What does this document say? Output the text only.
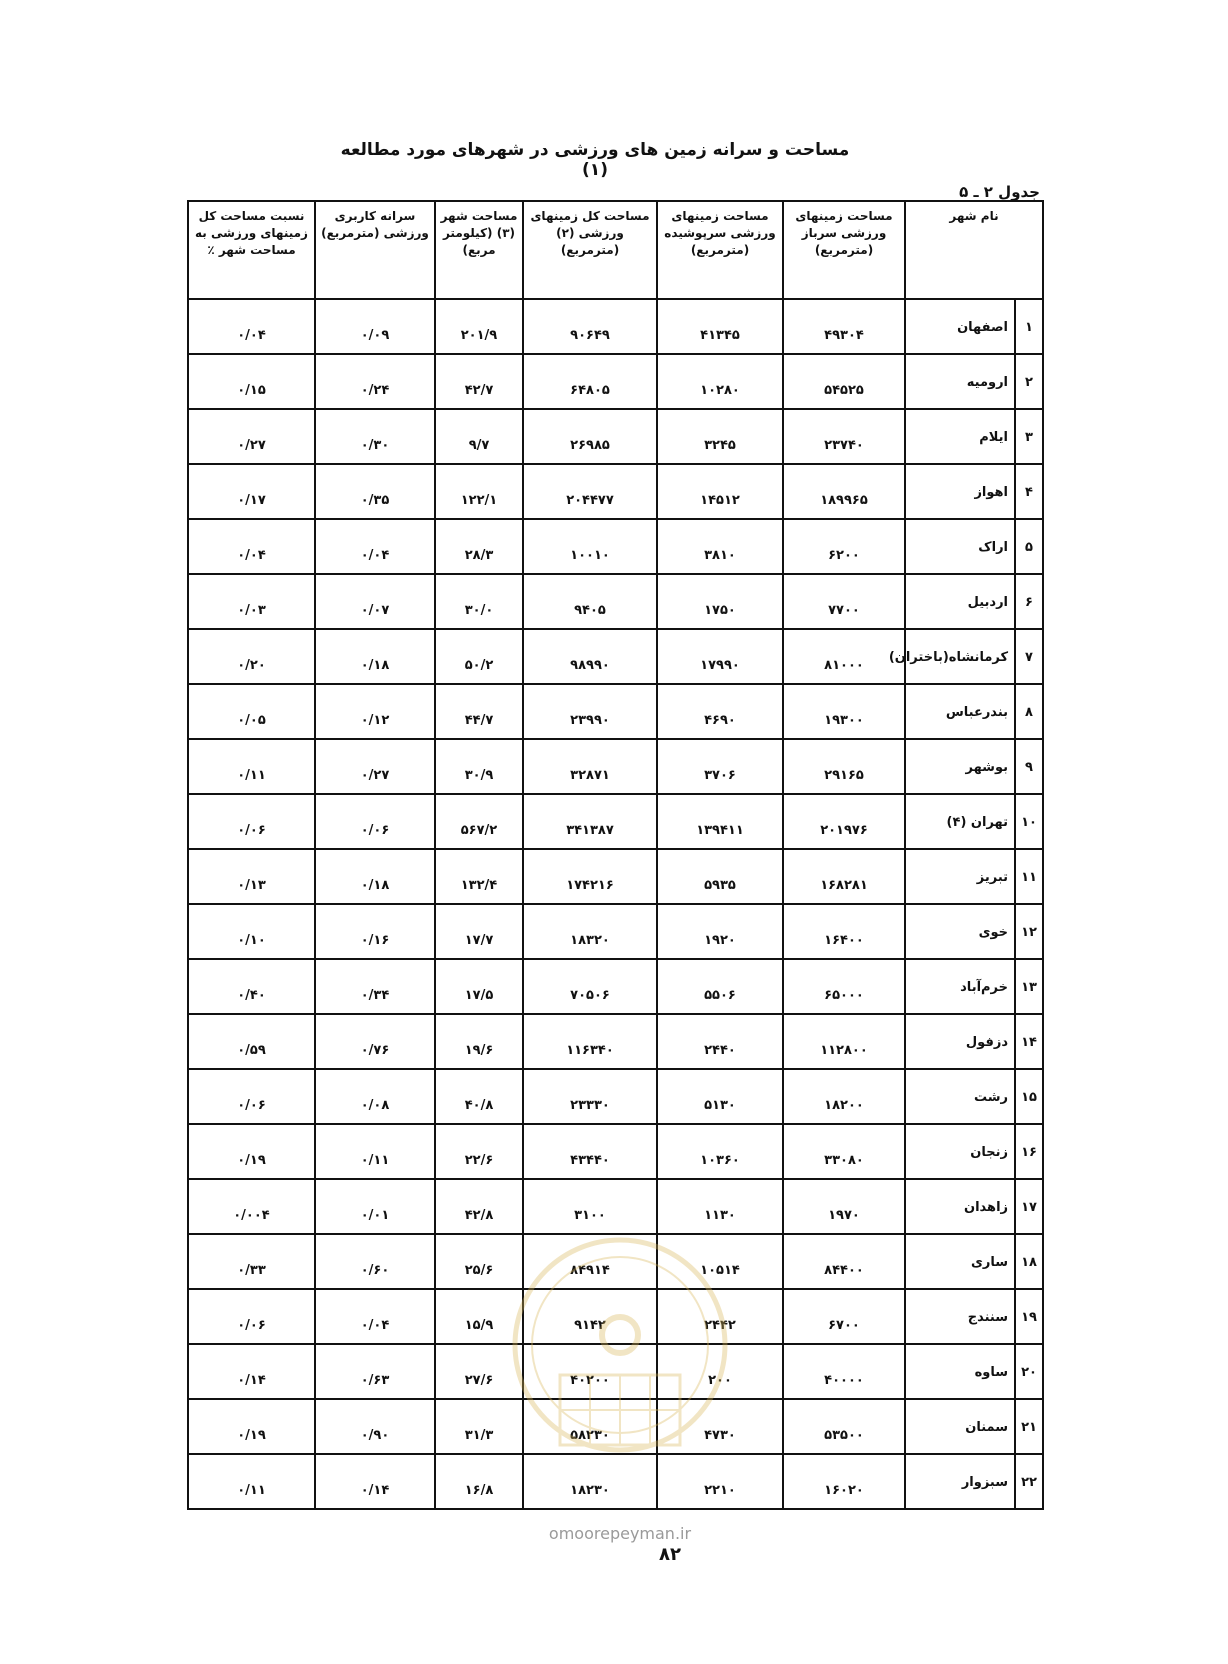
مساحت و سرانه زمین های ورزشی در شهرهای مورد مطالعه (۱)
جدول ۲ ـ ۵
نام شهر		مساحت زمینهای ورزشی سرباز (مترمربع)	مساحت زمینهای ورزشی سرپوشیده (مترمربع)	مساحت کل زمینهای ورزشی (۲) (مترمربع)	مساحت شهر (۳) (کیلومتر مربع)	سرانه کاربری ورزشی (مترمربع)	نسبت مساحت کل زمینهای ورزشی به مساحت شهر ٪
۱	اصفهان	۴۹۳۰۴	۴۱۳۴۵	۹۰۶۴۹	۲۰۱/۹	۰/۰۹	۰/۰۴
۲	ارومیه	۵۴۵۲۵	۱۰۲۸۰	۶۴۸۰۵	۴۲/۷	۰/۲۴	۰/۱۵
۳	ایلام	۲۳۷۴۰	۳۲۴۵	۲۶۹۸۵	۹/۷	۰/۳۰	۰/۲۷
۴	اهواز	۱۸۹۹۶۵	۱۴۵۱۲	۲۰۴۴۷۷	۱۲۲/۱	۰/۳۵	۰/۱۷
۵	اراک	۶۲۰۰	۳۸۱۰	۱۰۰۱۰	۲۸/۳	۰/۰۴	۰/۰۴
۶	اردبیل	۷۷۰۰	۱۷۵۰	۹۴۰۵	۳۰/۰	۰/۰۷	۰/۰۳
۷	کرمانشاه(باختران)	۸۱۰۰۰	۱۷۹۹۰	۹۸۹۹۰	۵۰/۲	۰/۱۸	۰/۲۰
۸	بندرعباس	۱۹۳۰۰	۴۶۹۰	۲۳۹۹۰	۴۴/۷	۰/۱۲	۰/۰۵
۹	بوشهر	۲۹۱۶۵	۳۷۰۶	۳۲۸۷۱	۳۰/۹	۰/۲۷	۰/۱۱
۱۰	تهران (۴)	۲۰۱۹۷۶	۱۳۹۴۱۱	۳۴۱۳۸۷	۵۶۷/۲	۰/۰۶	۰/۰۶
۱۱	تبریز	۱۶۸۲۸۱	۵۹۳۵	۱۷۴۲۱۶	۱۳۲/۴	۰/۱۸	۰/۱۳
۱۲	خوی	۱۶۴۰۰	۱۹۲۰	۱۸۳۲۰	۱۷/۷	۰/۱۶	۰/۱۰
۱۳	خرم‌آباد	۶۵۰۰۰	۵۵۰۶	۷۰۵۰۶	۱۷/۵	۰/۳۴	۰/۴۰
۱۴	دزفول	۱۱۲۸۰۰	۲۴۴۰	۱۱۶۳۴۰	۱۹/۶	۰/۷۶	۰/۵۹
۱۵	رشت	۱۸۲۰۰	۵۱۳۰	۲۳۳۳۰	۴۰/۸	۰/۰۸	۰/۰۶
۱۶	زنجان	۳۳۰۸۰	۱۰۳۶۰	۴۳۴۴۰	۲۲/۶	۰/۱۱	۰/۱۹
۱۷	زاهدان	۱۹۷۰	۱۱۳۰	۳۱۰۰	۴۲/۸	۰/۰۱	۰/۰۰۴
۱۸	ساری	۸۴۴۰۰	۱۰۵۱۴	۸۴۹۱۴	۲۵/۶	۰/۶۰	۰/۳۳
۱۹	سنندج	۶۷۰۰	۲۴۴۲	۹۱۴۲	۱۵/۹	۰/۰۴	۰/۰۶
۲۰	ساوه	۴۰۰۰۰	۲۰۰	۴۰۲۰۰	۲۷/۶	۰/۶۳	۰/۱۴
۲۱	سمنان	۵۳۵۰۰	۴۷۳۰	۵۸۲۳۰	۳۱/۳	۰/۹۰	۰/۱۹
۲۲	سبزوار	۱۶۰۲۰	۲۲۱۰	۱۸۲۳۰	۱۶/۸	۰/۱۴	۰/۱۱
omoorepeyman.ir
۸۲
